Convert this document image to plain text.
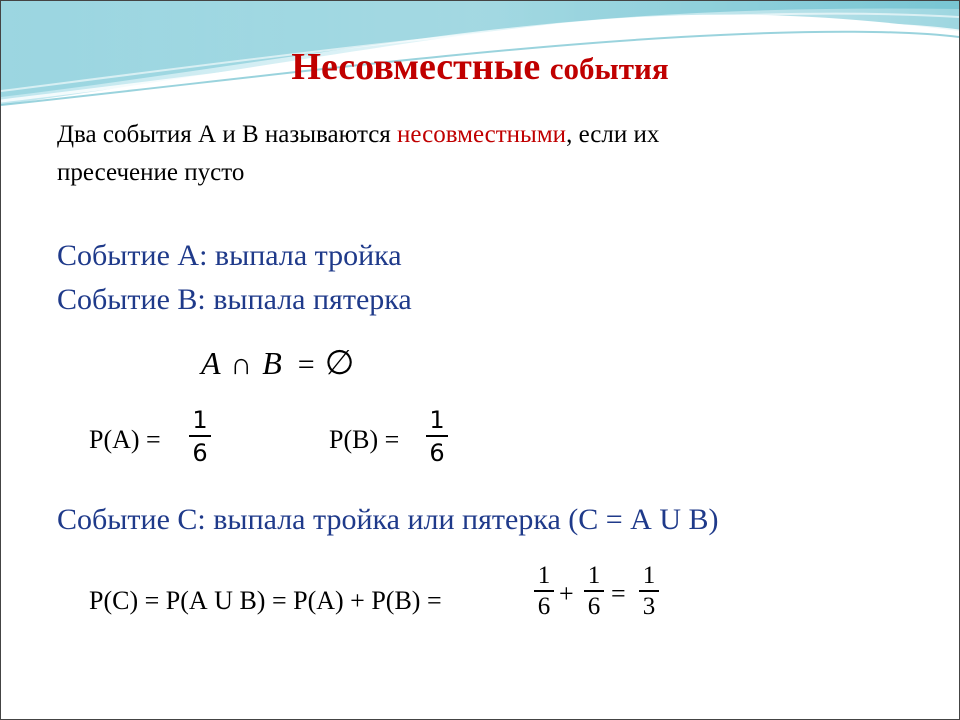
Несовместные события
Два события А и В называются несовместными, если их
пресечение пусто
Событие А: выпала тройка
Событие В: выпала пятерка
A ∩ B = ∅
Р(А) =
1
6	Р(В) =
1
6
Событие С: выпала тройка или пятерка (С = А U В)
Р(С) = Р(А U В) = Р(А) + Р(В) =
1
6 +
1
6 =
1
3
